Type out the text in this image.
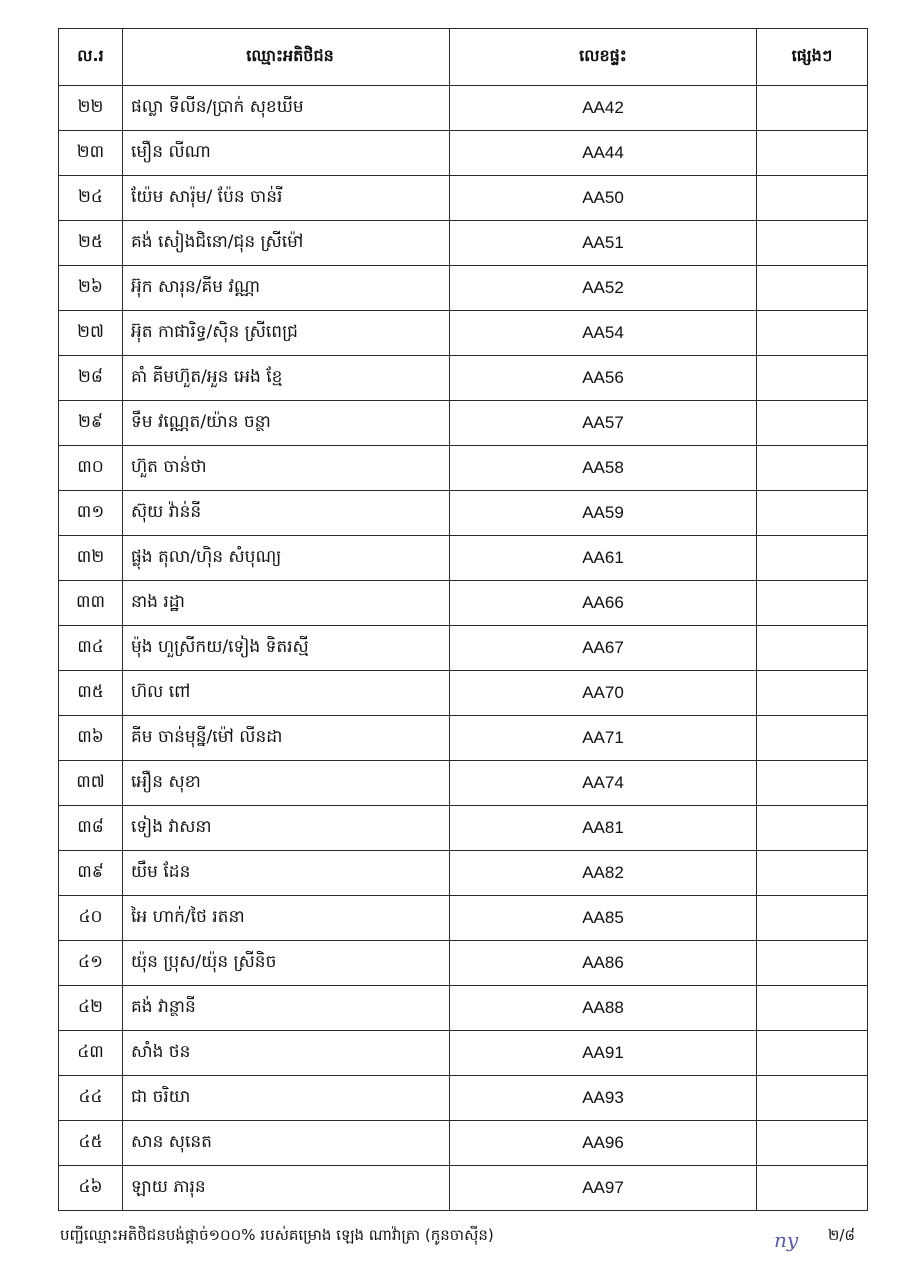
ល.រ	ឈ្មោះអតិថិជន	លេខផ្ទះ	ផ្សេងៗ
២២	ផល្លា ទីលីន/ប្រាក់ សុខឃីម	AA42	
២៣	មឿន លីណា	AA44	
២៤	យ៉ែម សារ៉ុម/ ប៉ែន ចាន់រី	AA50	
២៥	គង់ សៀងជិនោ/ជុន ស្រីម៉ៅ	AA51	
២៦	អ៊ុក សារុន/គីម វណ្ណា	AA52	
២៧	អ៊ុត កាផារិទ្ធ/ស៊ិន ស្រីពេជ្រ	AA54	
២៨	គាំ គីមហ៊ួត/អួន អេង ខ្មែ	AA56	
២៩	ទឹម វណ្ណេត/យ៉ាន ចន្ថា	AA57	
៣០	ហ៊ួត ចាន់ថា	AA58	
៣១	ស៊ុយ វ៉ាន់នី	AA59	
៣២	ផ្លុង តុលា/ហ៊ិន សំបុណ្យ	AA61	
៣៣	នាង រដ្ឋា	AA66	
៣៤	ម៉ុង ហួស្រីកយ/ទៀង ទិតរស្មី	AA67	
៣៥	ហ៊ល ពៅ	AA70	
៣៦	គីម ចាន់មុន្នី/ម៉ៅ លីនដា	AA71	
៣៧	អឿន សុខា	AA74	
៣៨	ទៀង វាសនា	AA81	
៣៩	យឹម ដែន	AA82	
៤០	អៃ ហាក់/ថៃ រតនា	AA85	
៤១	យ៉ុន ប្រុស/យ៉ុន ស្រីនិច	AA86	
៤២	គង់ វាន្ថានី	AA88	
៤៣	សាំង ថន	AA91	
៤៤	ជា ចរិយា	AA93	
៤៥	សាន សុនេត	AA96	
៤៦	ឡាយ ភារុន	AA97	
បញ្ជីឈ្មោះអតិថិជនបង់ផ្តាច់១០០% របស់គម្រោង ឡេង ណាវ៉ាត្រា (កូនចាស៊ីន)	ny ២/៨
